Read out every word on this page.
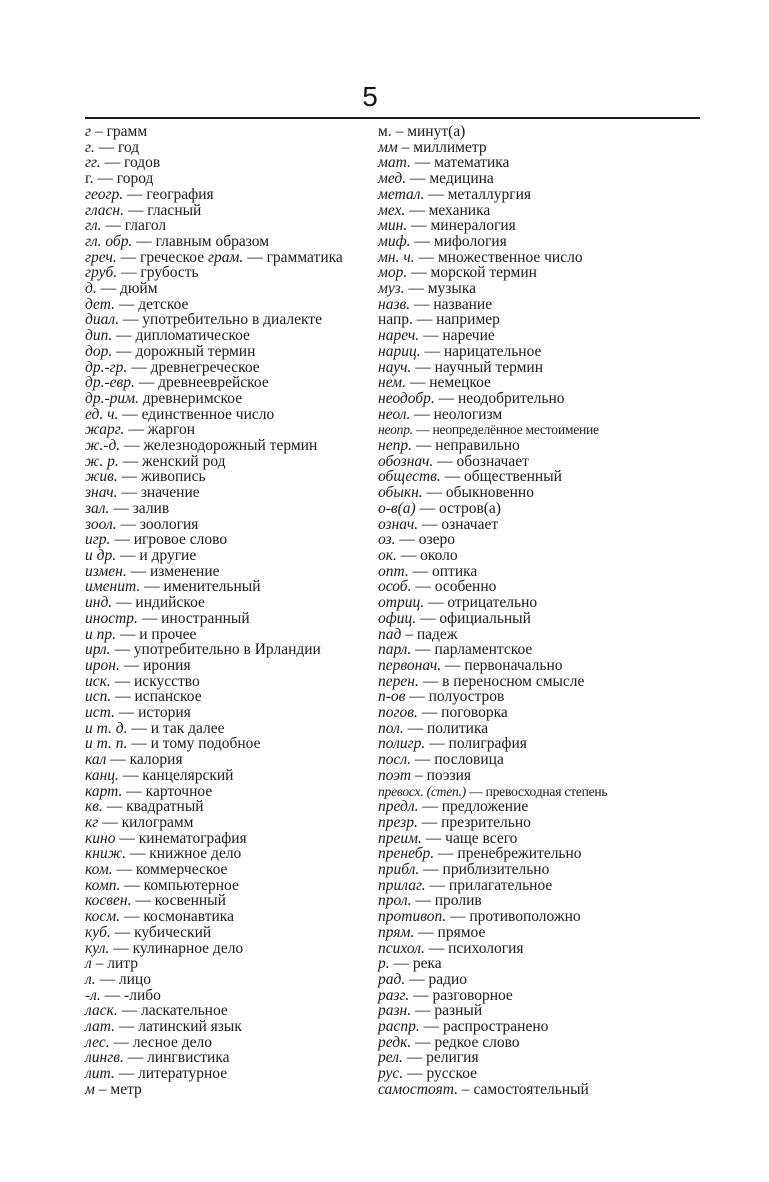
5
г – грамм
г. — год
гг. — годов
г. — город
геогр. — география
гласн. — гласный
гл. — глагол
гл. обр. — главным образом
греч. — греческое грам. — грамматика
груб. — грубость
д. — дюйм
дет. — детское
диал. — употребительно в диалекте
дип. — дипломатическое
дор. — дорожный термин
др.-гр. — древнегреческое
др.-евр. — древнееврейское
др.-рим. древнеримское
ед. ч. — единственное число
жарг. — жаргон
ж.-д. — железнодорожный термин
ж. р. — женский род
жив. — живопись
знач. — значение
зал. — залив
зоол. — зоология
игр. — игровое слово
и др. — и другие
измен. — изменение
именит. — именительный
инд. — индийское
иностр. — иностранный
и пр. — и прочее
ирл. — употребительно в Ирландии
ирон. — ирония
иск. — искусство
исп. — испанское
ист. — история
и т. д. — и так далее
и т. п. — и тому подобное
кал — калория
канц. — канцелярский
карт. — карточное
кв. — квадратный
кг — килограмм
кино — кинематография
книж. — книжное дело
ком. — коммерческое
комп. — компьютерное
косвен. — косвенный
косм. — космонавтика
куб. — кубический
кул. — кулинарное дело
л – литр
л. — лицо
-л. — -либо
ласк. — ласкательное
лат. — латинский язык
лес. — лесное дело
лингв. — лингвистика
лит. — литературное
м – метр
м. – минут(а)
мм – миллиметр
мат. — математика
мед. — медицина
метал. — металлургия
мех. — механика
мин. — минералогия
миф. — мифология
мн. ч. — множественное число
мор. — морской термин
муз. — музыка
назв. — название
напр. — например
нареч. — наречие
нариц. — нарицательное
науч. — научный термин
нем. — немецкое
неодобр. — неодобрительно
неол. — неологизм
неопр. — неопределённое местоимение
непр. — неправильно
обознач. — обозначает
обществ. — общественный
обыкн. — обыкновенно
о-в(а) — остров(а)
означ. — означает
оз. — озеро
ок. — около
опт. — оптика
особ. — особенно
отриц. — отрицательно
офиц. — официальный
пад – падеж
парл. — парламентское
первонач. — первоначально
перен. — в переносном смысле
п-ов — полуостров
погов. — поговорка
пол. — политика
полигр. — полиграфия
посл. — пословица
поэт – поэзия
превосх. (степ.) — превосходная степень
предл. — предложение
презр. — презрительно
преим. — чаще всего
пренебр. — пренебрежительно
прибл. — приблизительно
прилаг. — прилагательное
прол. — пролив
противоп. — противоположно
прям. — прямое
психол. — психология
р. — река
рад. — радио
разг. — разговорное
разн. — разный
распр. — распространено
редк. — редкое слово
рел. — религия
рус. — русское
самостоят. – самостоятельный
